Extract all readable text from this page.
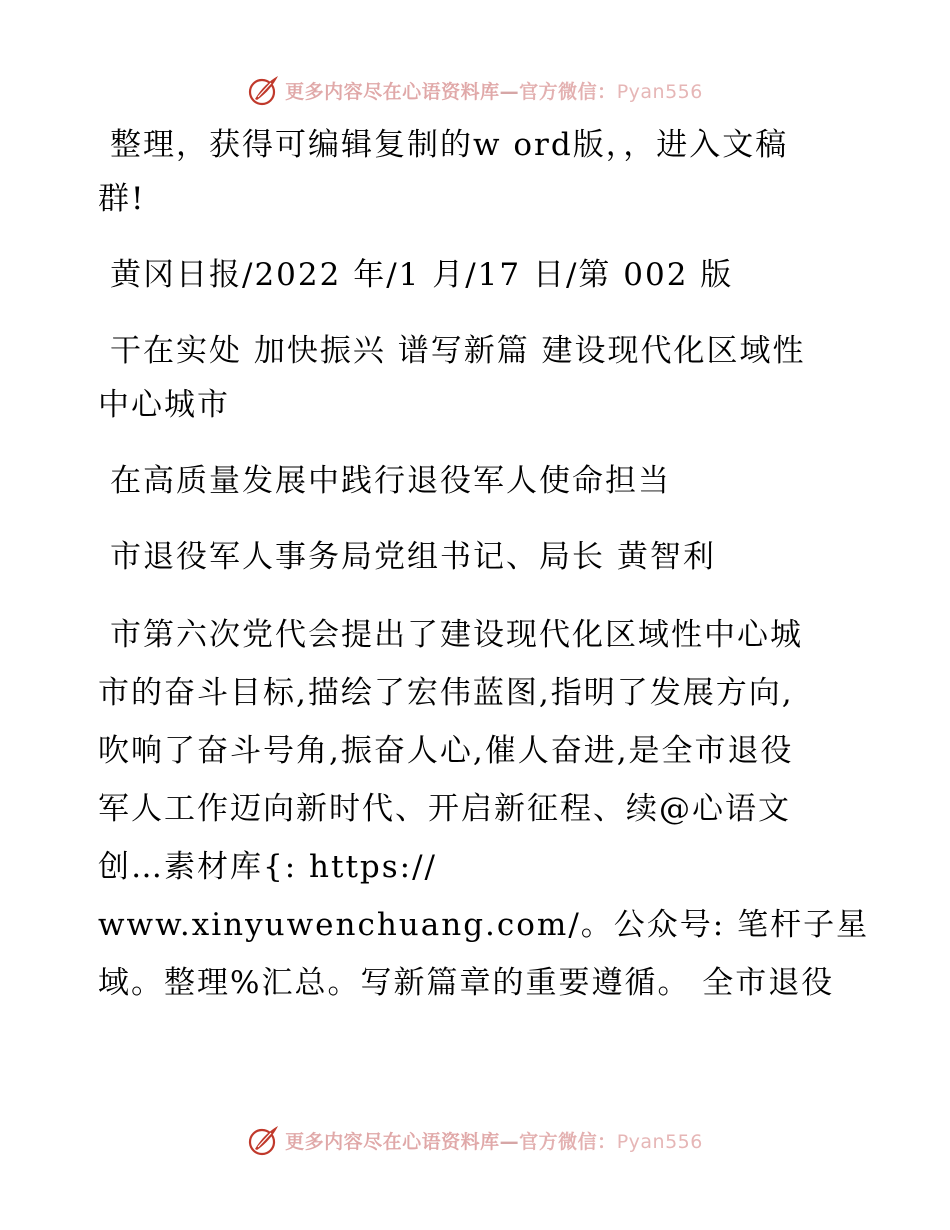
更多内容尽在心语资料库—官方微信：Pyan556
整理，获得可编辑复制的w ord版，，进入文稿
群!
黄冈日报/2022 年/1 月/17 日/第 002 版
干在实处 加快振兴 谱写新篇 建设现代化区域性
中心城市
在高质量发展中践行退役军人使命担当
市退役军人事务局党组书记、局长 黄智利
市第六次党代会提出了建设现代化区域性中心城
市的奋斗目标,描绘了宏伟蓝图,指明了发展方向,
吹响了奋斗号角,振奋人心,催人奋进,是全市退役
军人工作迈向新时代、开启新征程、续@心语文
创…素材库{: https://
www.xinyuwenchuang.com/。公众号: 笔杆子星
域。整理%汇总。写新篇章的重要遵循。 全市退役
更多内容尽在心语资料库—官方微信：Pyan556
